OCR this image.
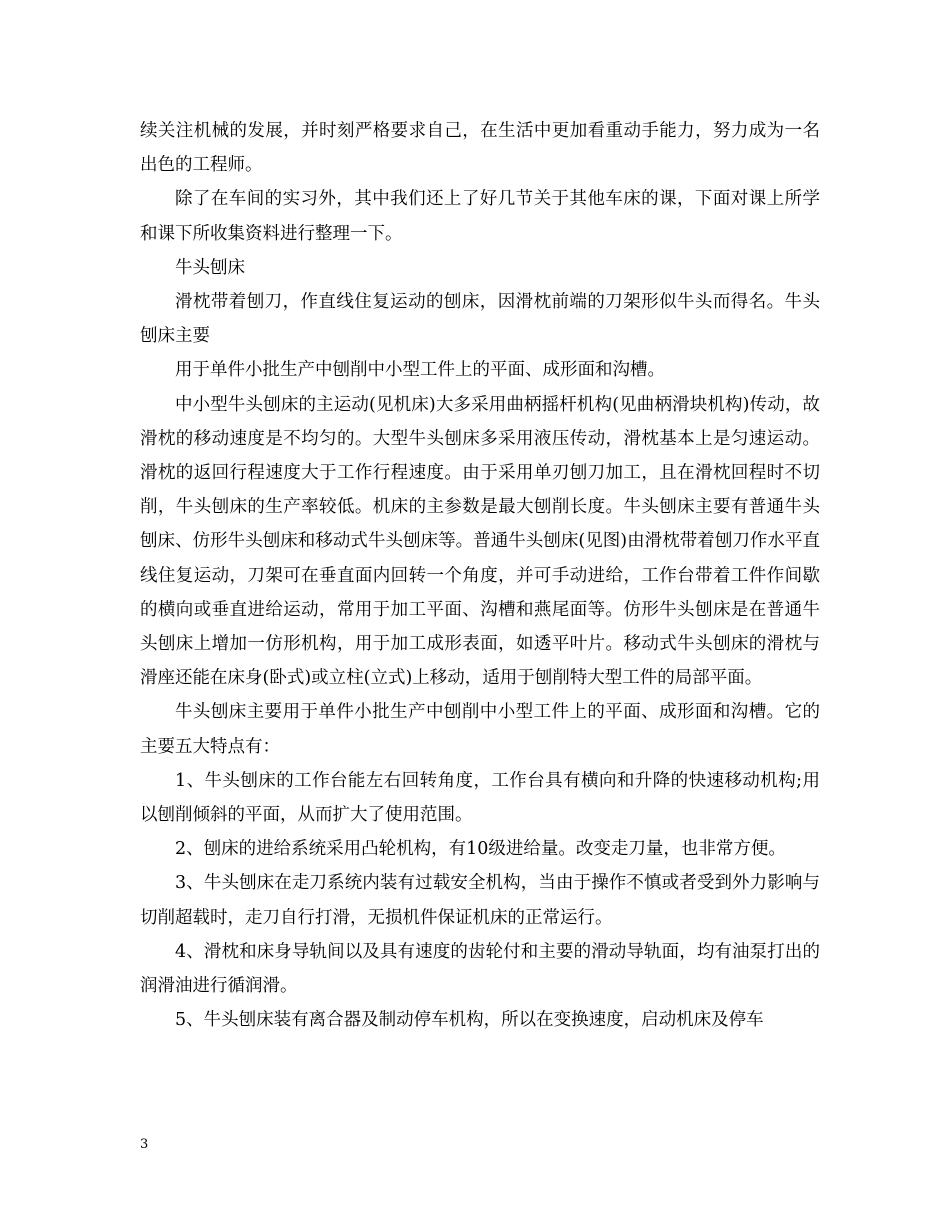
续关注机械的发展，并时刻严格要求自己，在生活中更加看重动手能力，努力成为一名出色的工程师。

除了在车间的实习外，其中我们还上了好几节关于其他车床的课，下面对课上所学和课下所收集资料进行整理一下。

牛头刨床

滑枕带着刨刀，作直线住复运动的刨床，因滑枕前端的刀架形似牛头而得名。牛头刨床主要

用于单件小批生产中刨削中小型工件上的平面、成形面和沟槽。

中小型牛头刨床的主运动(见机床)大多采用曲柄摇杆机构(见曲柄滑块机构)传动，故滑枕的移动速度是不均匀的。大型牛头刨床多采用液压传动，滑枕基本上是匀速运动。滑枕的返回行程速度大于工作行程速度。由于采用单刃刨刀加工，且在滑枕回程时不切削，牛头刨床的生产率较低。机床的主参数是最大刨削长度。牛头刨床主要有普通牛头刨床、仿形牛头刨床和移动式牛头刨床等。普通牛头刨床(见图)由滑枕带着刨刀作水平直线住复运动，刀架可在垂直面内回转一个角度，并可手动进给，工作台带着工件作间歇的横向或垂直进给运动，常用于加工平面、沟槽和燕尾面等。仿形牛头刨床是在普通牛头刨床上增加一仿形机构，用于加工成形表面，如透平叶片。移动式牛头刨床的滑枕与滑座还能在床身(卧式)或立柱(立式)上移动，适用于刨削特大型工件的局部平面。

牛头刨床主要用于单件小批生产中刨削中小型工件上的平面、成形面和沟槽。它的主要五大特点有：

1、牛头刨床的工作台能左右回转角度，工作台具有横向和升降的快速移动机构;用以刨削倾斜的平面，从而扩大了使用范围。

2、刨床的进给系统采用凸轮机构，有10级进给量。改变走刀量，也非常方便。

3、牛头刨床在走刀系统内装有过载安全机构，当由于操作不慎或者受到外力影响与切削超载时，走刀自行打滑，无损机件保证机床的正常运行。

4、滑枕和床身导轨间以及具有速度的齿轮付和主要的滑动导轨面，均有油泵打出的润滑油进行循润滑。

5、牛头刨床装有离合器及制动停车机构，所以在变换速度，启动机床及停车

3
